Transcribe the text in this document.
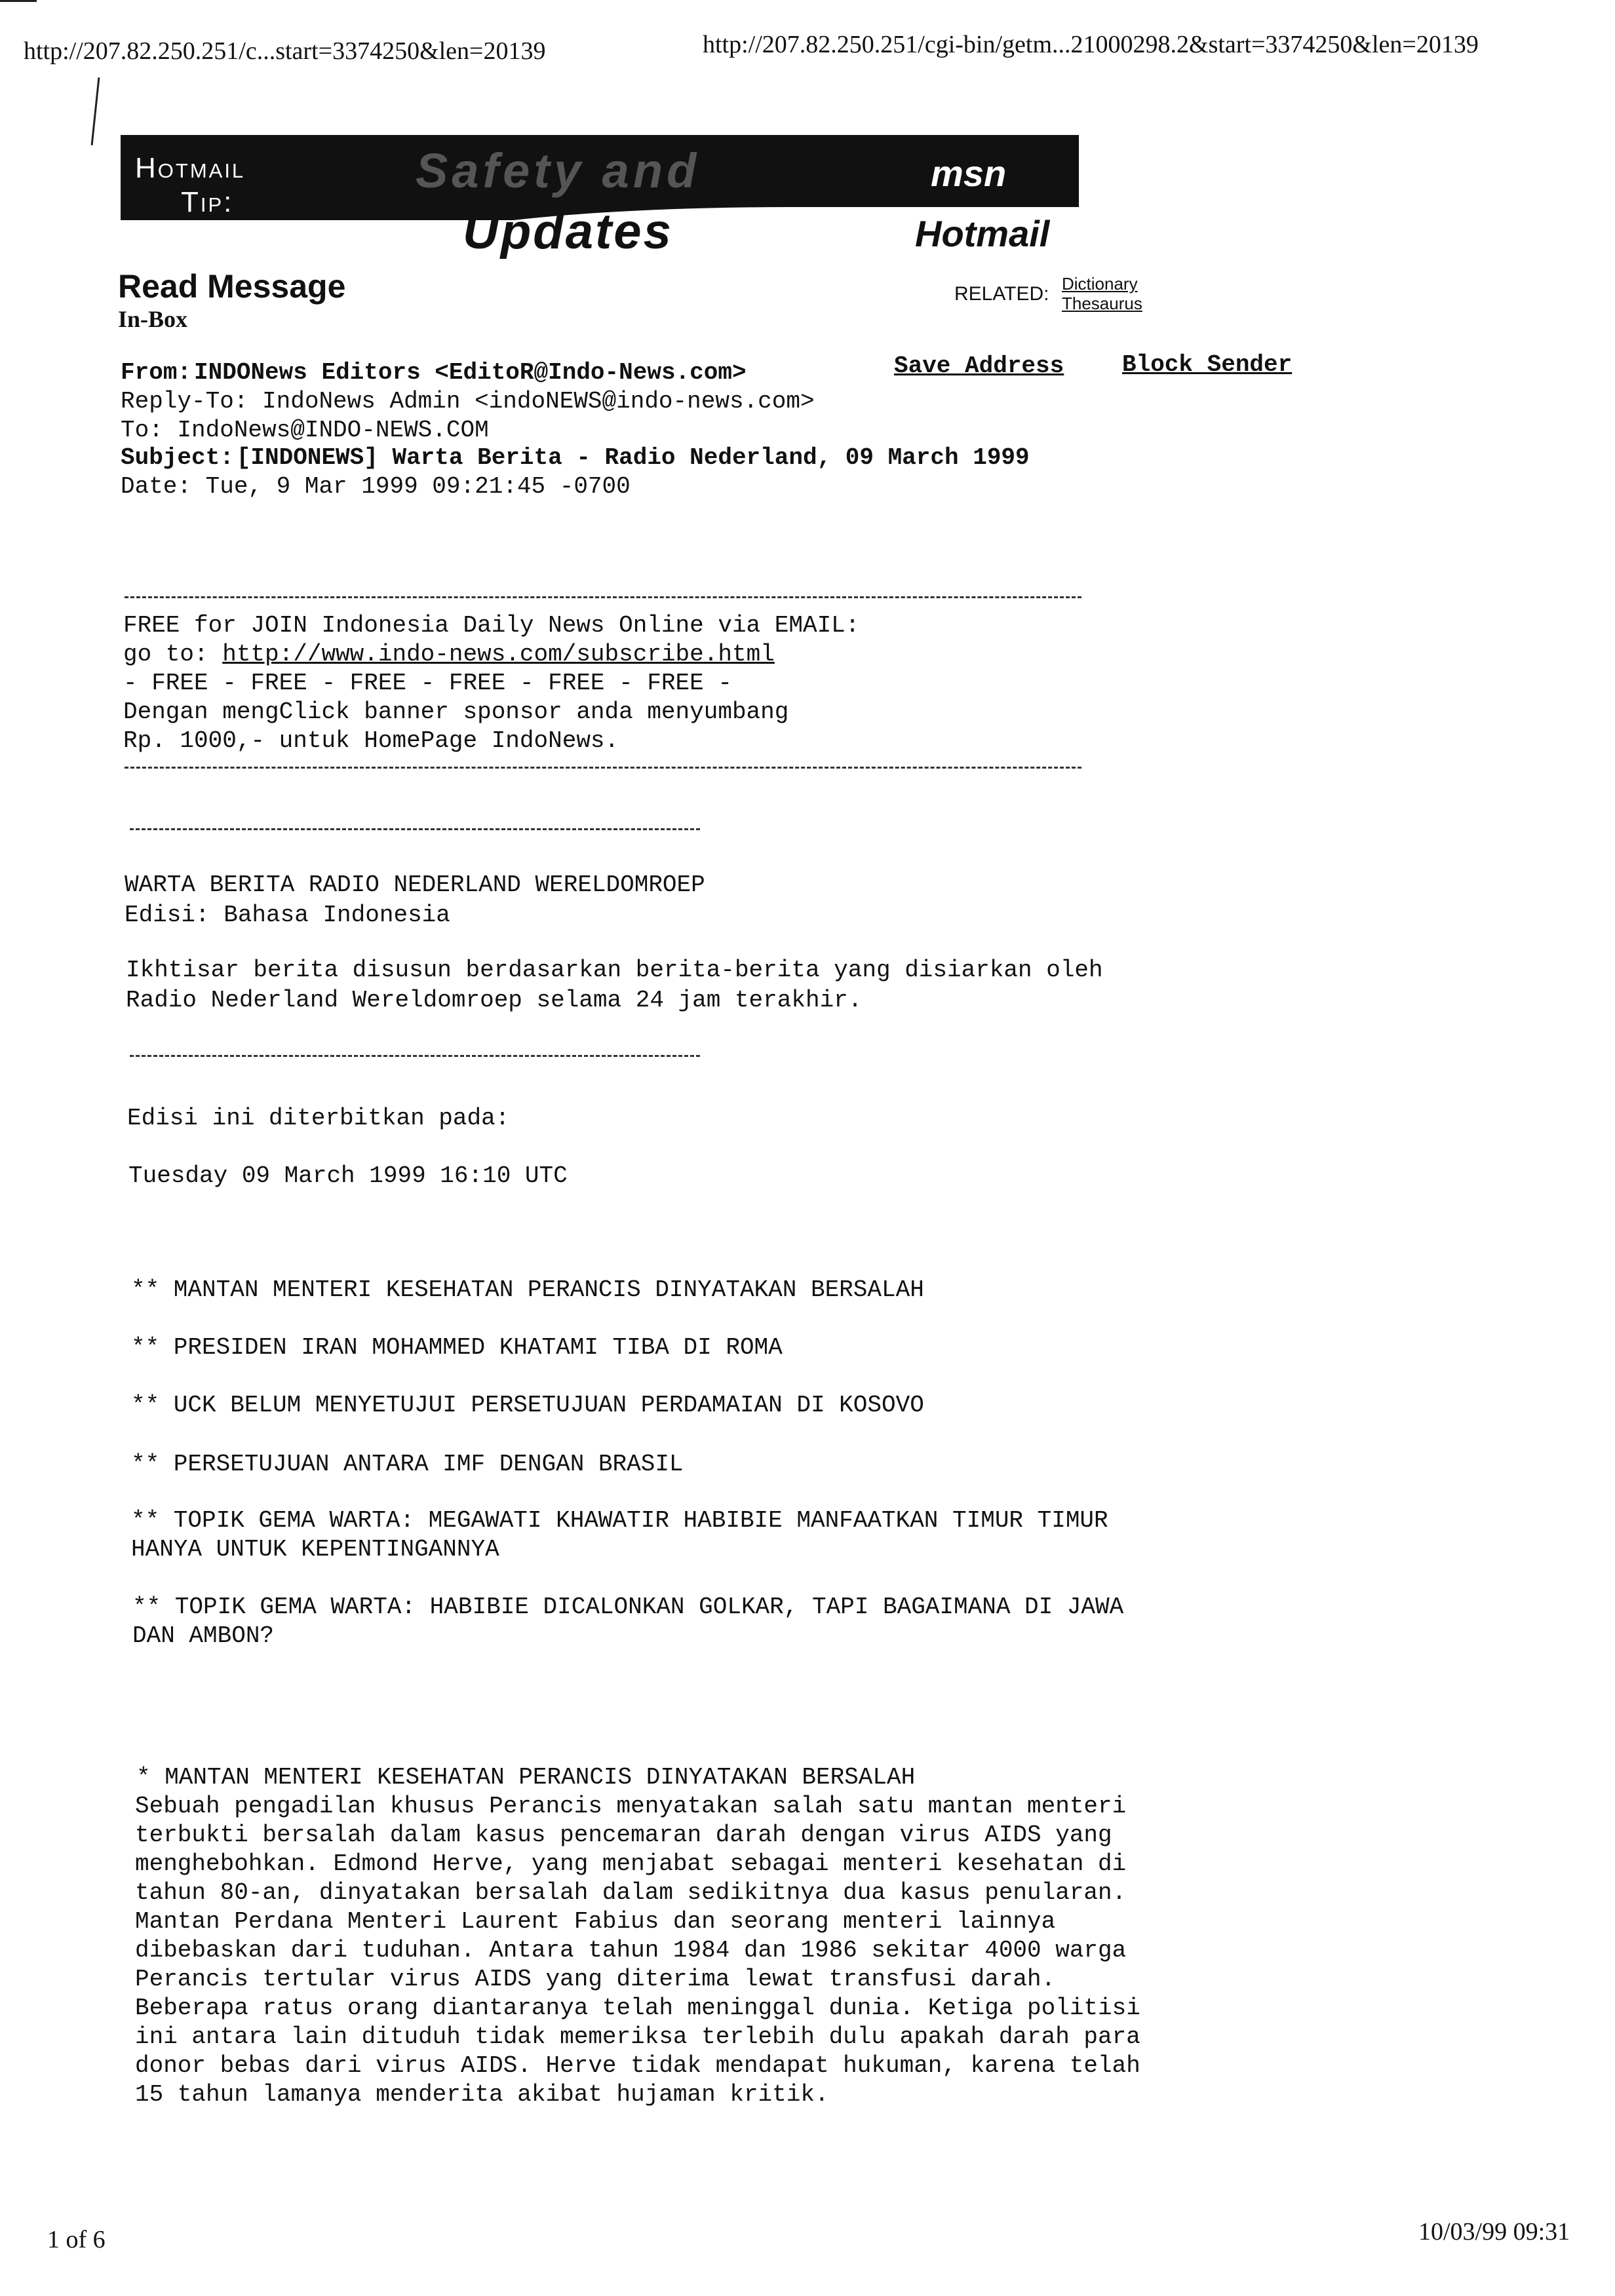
http://207.82.250.251/c...start=3374250&len=20139	http://207.82.250.251/cgi-bin/getm...21000298.2&start=3374250&len=20139
Hotmail
Tip:
Safety and
Updates
msn
Hotmail
Read Message
In-Box
RELATED: Dictionary
Thesaurus
From: INDONews Editors <EditoR@Indo-News.com>	Save Address Block Sender
Reply-To: IndoNews Admin <indoNEWS@indo-news.com>
To: IndoNews@INDO-NEWS.COM
Subject: [INDONEWS] Warta Berita - Radio Nederland, 09 March 1999
Date: Tue, 9 Mar 1999 09:21:45 -0700
FREE for JOIN Indonesia Daily News Online via EMAIL:
go to: http://www.indo-news.com/subscribe.html
- FREE - FREE - FREE - FREE - FREE - FREE -
Dengan mengClick banner sponsor anda menyumbang
Rp. 1000,- untuk HomePage IndoNews.
WARTA BERITA RADIO NEDERLAND WERELDOMROEP
Edisi: Bahasa Indonesia
Ikhtisar berita disusun berdasarkan berita-berita yang disiarkan oleh
Radio Nederland Wereldomroep selama 24 jam terakhir.
Edisi ini diterbitkan pada:
Tuesday 09 March 1999 16:10 UTC
** MANTAN MENTERI KESEHATAN PERANCIS DINYATAKAN BERSALAH
** PRESIDEN IRAN MOHAMMED KHATAMI TIBA DI ROMA
** UCK BELUM MENYETUJUI PERSETUJUAN PERDAMAIAN DI KOSOVO
** PERSETUJUAN ANTARA IMF DENGAN BRASIL
** TOPIK GEMA WARTA: MEGAWATI KHAWATIR HABIBIE MANFAATKAN TIMUR TIMUR
HANYA UNTUK KEPENTINGANNYA
** TOPIK GEMA WARTA: HABIBIE DICALONKAN GOLKAR, TAPI BAGAIMANA DI JAWA
DAN AMBON?
* MANTAN MENTERI KESEHATAN PERANCIS DINYATAKAN BERSALAH
Sebuah pengadilan khusus Perancis menyatakan salah satu mantan menteri
terbukti bersalah dalam kasus pencemaran darah dengan virus AIDS yang
menghebohkan. Edmond Herve, yang menjabat sebagai menteri kesehatan di
tahun 80-an, dinyatakan bersalah dalam sedikitnya dua kasus penularan.
Mantan Perdana Menteri Laurent Fabius dan seorang menteri lainnya
dibebaskan dari tuduhan. Antara tahun 1984 dan 1986 sekitar 4000 warga
Perancis tertular virus AIDS yang diterima lewat transfusi darah.
Beberapa ratus orang diantaranya telah meninggal dunia. Ketiga politisi
ini antara lain dituduh tidak memeriksa terlebih dulu apakah darah para
donor bebas dari virus AIDS. Herve tidak mendapat hukuman, karena telah
15 tahun lamanya menderita akibat hujaman kritik.
1 of 6	10/03/99 09:31
